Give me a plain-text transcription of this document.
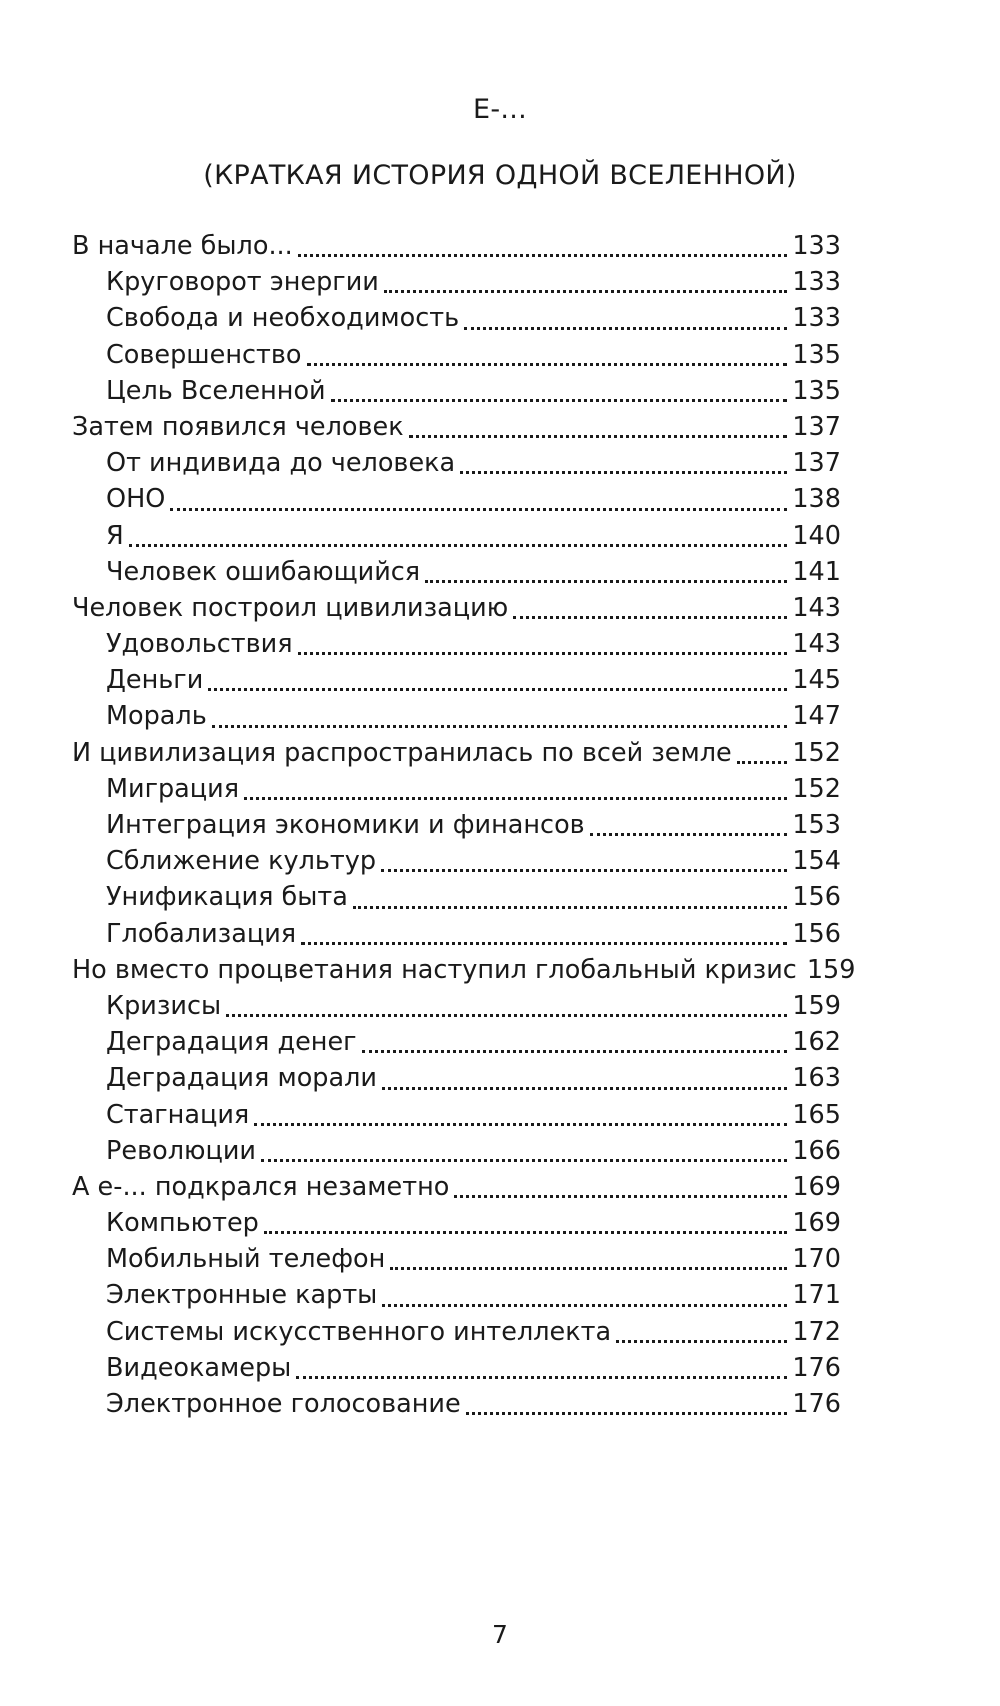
Е-...
(КРАТКАЯ ИСТОРИЯ ОДНОЙ ВСЕЛЕННОЙ)
В начале было...	133
Круговорот энергии	133
Свобода и необходимость	133
Совершенство	135
Цель Вселенной	135
Затем появился человек	137
От индивида до человека	137
ОНО	138
Я	140
Человек ошибающийся	141
Человек построил цивилизацию	143
Удовольствия	143
Деньги	145
Мораль	147
И цивилизация распространилась по всей земле 152
Миграция	152
Интеграция экономики и финансов	153
Сближение культур	154
Унификация быта	156
Глобализация	156
Но вместо процветания наступил глобальный кризис 159
Кризисы	159
Деградация денег	162
Деградация морали	163
Стагнация	165
Революции	166
А е-... подкрался незаметно	169
Компьютер	169
Мобильный телефон	170
Электронные карты	171
Системы искусственного интеллекта	172
Видеокамеры	176
Электронное голосование	176
7
